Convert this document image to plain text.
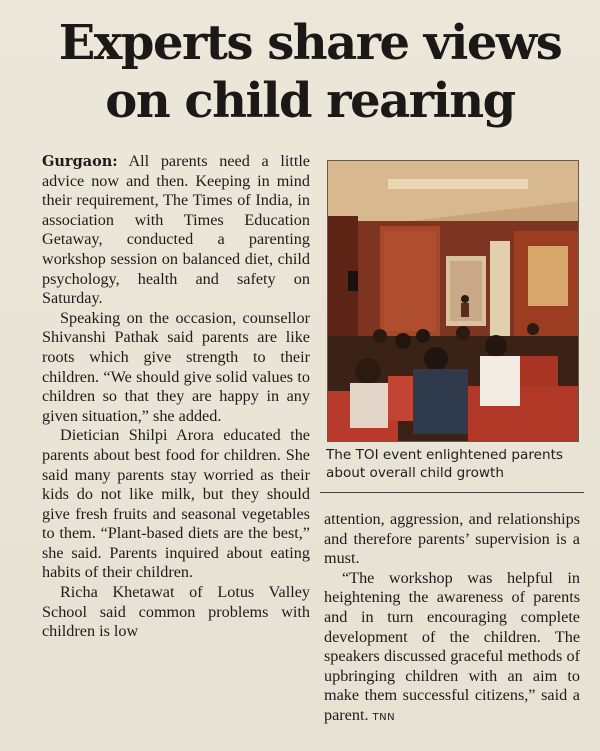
Experts share views
on child rearing

Gurgaon: All parents need a little advice now and then. Keeping in mind their requirement, The Times of India, in association with Times Education Getaway, conducted a parenting workshop session on balanced diet, child psychology, health and safety on Saturday.

Speaking on the occasion, counsellor Shivanshi Pathak said parents are like roots which give strength to their children. “We should give solid values to children so that they are happy in any given situation,” she added.

Dietician Shilpi Arora educated the parents about best food for children. She said many parents stay worried as their kids do not like milk, but they should give fresh fruits and seasonal vegetables to them. “Plant-based diets are the best,” she said. Parents inquired about eating habits of their children.

Richa Khetawat of Lotus Valley School said common problems with children is low

The TOI event enlightened parents about overall child growth

attention, aggression, and relationships and therefore parents’ supervision is a must.

“The workshop was helpful in heightening the awareness of parents and in turn encouraging complete development of the children. The speakers discussed graceful methods of upbringing children with an aim to make them successful citizens,” said a parent. TNN
